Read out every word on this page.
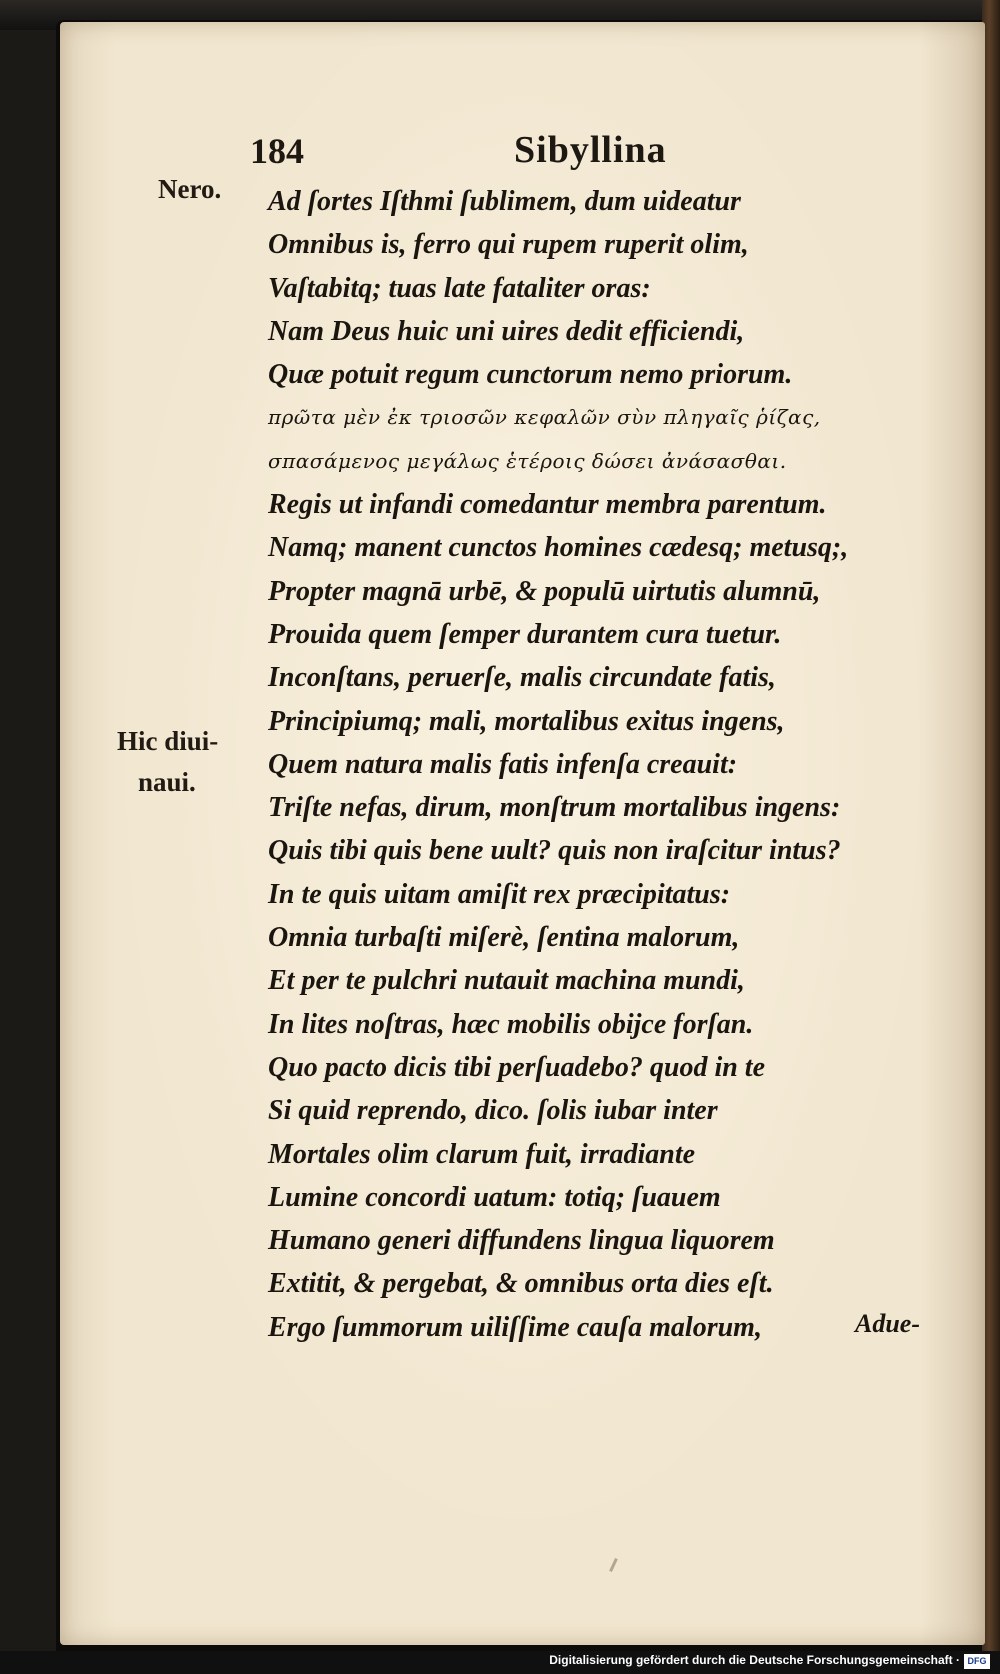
184	Sibyllina
Nero.
Hic diui-
naui.
Ad ſortes Iſthmi ſublimem, dum uideatur
Omnibus is, ferro qui rupem ruperit olim,
Vaſtabitq; tuas late fataliter oras:
Nam Deus huic uni uires dedit efficiendi,
Quæ potuit regum cunctorum nemo priorum.
πρῶτα μὲν ἐκ τριοσῶν κεφαλῶν σὺν πληγαῖς ῥίζας,
σπασάμενος μεγάλως ἑτέροις δώσει ἀνάσασθαι.
Regis ut infandi comedantur membra parentum.
Namq; manent cunctos homines cædesq; metusq;,
Propter magnā urbē, & populū uirtutis alumnū,
Prouida quem ſemper durantem cura tuetur.
Inconſtans, peruerſe, malis circundate fatis,
Principiumq; mali, mortalibus exitus ingens,
Quem natura malis fatis infenſa creauit:
Triſte nefas, dirum, monſtrum mortalibus ingens:
Quis tibi quis bene uult? quis non iraſcitur intus?
In te quis uitam amiſit rex præcipitatus:
Omnia turbaſti miſerè, ſentina malorum,
Et per te pulchri nutauit machina mundi,
In lites noſtras, hæc mobilis obijce forſan.
Quo pacto dicis tibi perſuadebo? quod in te
Si quid reprendo, dico. ſolis iubar inter
Mortales olim clarum fuit, irradiante
Lumine concordi uatum: totiq; ſuauem
Humano generi diffundens lingua liquorem
Extitit, & pergebat, & omnibus orta dies eſt.
Ergo ſummorum uiliſſime cauſa malorum,	Adue-
Digitalisierung gefördert durch die Deutsche Forschungsgemeinschaft · DFG
